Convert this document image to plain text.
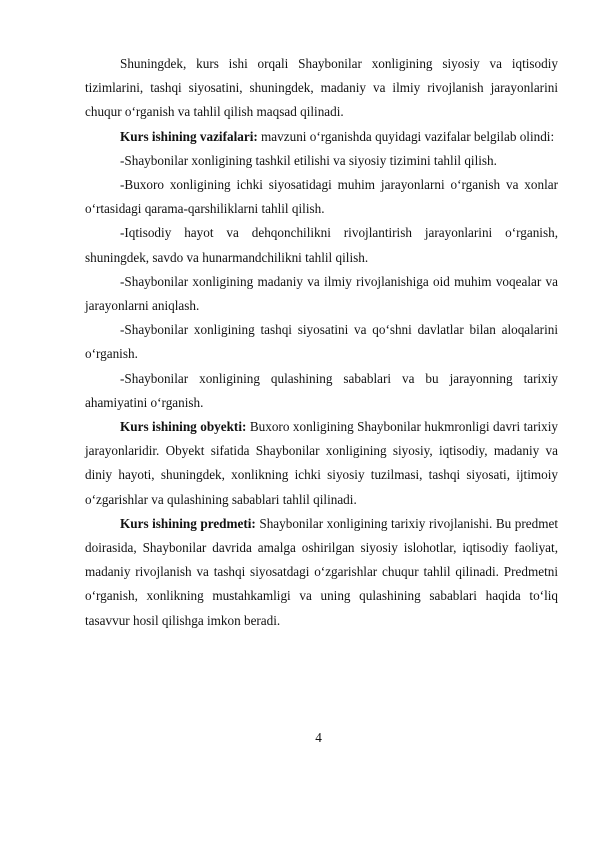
Shuningdek, kurs ishi orqali Shaybonilar xonligining siyosiy va iqtisodiy tizimlarini, tashqi siyosatini, shuningdek, madaniy va ilmiy rivojlanish jarayonlarini chuqur o‘rganish va tahlil qilish maqsad qilinadi.

Kurs ishining vazifalari: mavzuni o‘rganishda quyidagi vazifalar belgilab olindi:

-Shaybonilar xonligining tashkil etilishi va siyosiy tizimini tahlil qilish.

-Buxoro xonligining ichki siyosatidagi muhim jarayonlarni o‘rganish va xonlar o‘rtasidagi qarama-qarshiliklarni tahlil qilish.

-Iqtisodiy hayot va dehqonchilikni rivojlantirish jarayonlarini o‘rganish, shuningdek, savdo va hunarmandchilikni tahlil qilish.

-Shaybonilar xonligining madaniy va ilmiy rivojlanishiga oid muhim voqealar va jarayonlarni aniqlash.

-Shaybonilar xonligining tashqi siyosatini va qo‘shni davlatlar bilan aloqalarini o‘rganish.

-Shaybonilar xonligining qulashining sabablari va bu jarayonning tarixiy ahamiyatini o‘rganish.

Kurs ishining obyekti: Buxoro xonligining Shaybonilar hukmronligi davri tarixiy jarayonlaridir. Obyekt sifatida Shaybonilar xonligining siyosiy, iqtisodiy, madaniy va diniy hayoti, shuningdek, xonlikning ichki siyosiy tuzilmasi, tashqi siyosati, ijtimoiy o‘zgarishlar va qulashining sabablari tahlil qilinadi.

Kurs ishining predmeti: Shaybonilar xonligining tarixiy rivojlanishi. Bu predmet doirasida, Shaybonilar davrida amalga oshirilgan siyosiy islohotlar, iqtisodiy faoliyat, madaniy rivojlanish va tashqi siyosatdagi o‘zgarishlar chuqur tahlil qilinadi. Predmetni o‘rganish, xonlikning mustahkamligi va uning qulashining sabablari haqida to‘liq tasavvur hosil qilishga imkon beradi.

4
